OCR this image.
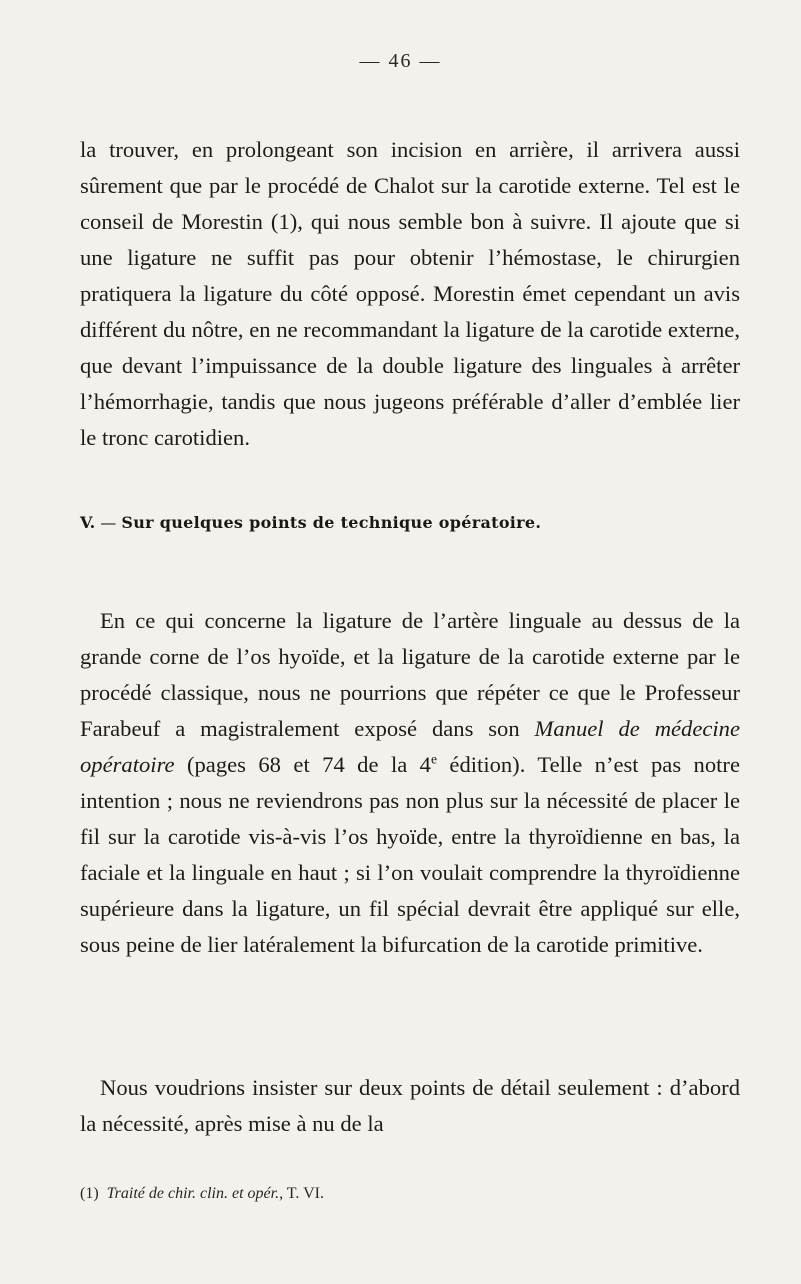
— 46 —

la trouver, en prolongeant son incision en arrière, il arrivera aussi sûrement que par le procédé de Chalot sur la carotide externe. Tel est le conseil de Morestin (1), qui nous semble bon à suivre. Il ajoute que si une ligature ne suffit pas pour obtenir l’hémostase, le chirurgien pratiquera la ligature du côté opposé. Morestin émet cependant un avis différent du nôtre, en ne recommandant la ligature de la carotide externe, que devant l’impuissance de la double ligature des linguales à arrêter l’hémorrhagie, tandis que nous jugeons préférable d’aller d’emblée lier le tronc carotidien.

V. — Sur quelques points de technique opératoire.

En ce qui concerne la ligature de l’artère linguale au dessus de la grande corne de l’os hyoïde, et la ligature de la carotide externe par le procédé classique, nous ne pourrions que répéter ce que le Professeur Farabeuf a magistralement exposé dans son Manuel de médecine opératoire (pages 68 et 74 de la 4e édition). Telle n’est pas notre intention ; nous ne reviendrons pas non plus sur la nécessité de placer le fil sur la carotide vis-à-vis l’os hyoïde, entre la thyroïdienne en bas, la faciale et la linguale en haut ; si l’on voulait comprendre la thyroïdienne supérieure dans la ligature, un fil spécial devrait être appliqué sur elle, sous peine de lier latéralement la bifurcation de la carotide primitive.

Nous voudrions insister sur deux points de détail seulement : d’abord la nécessité, après mise à nu de la

(1) Traité de chir. clin. et opér., T. VI.
